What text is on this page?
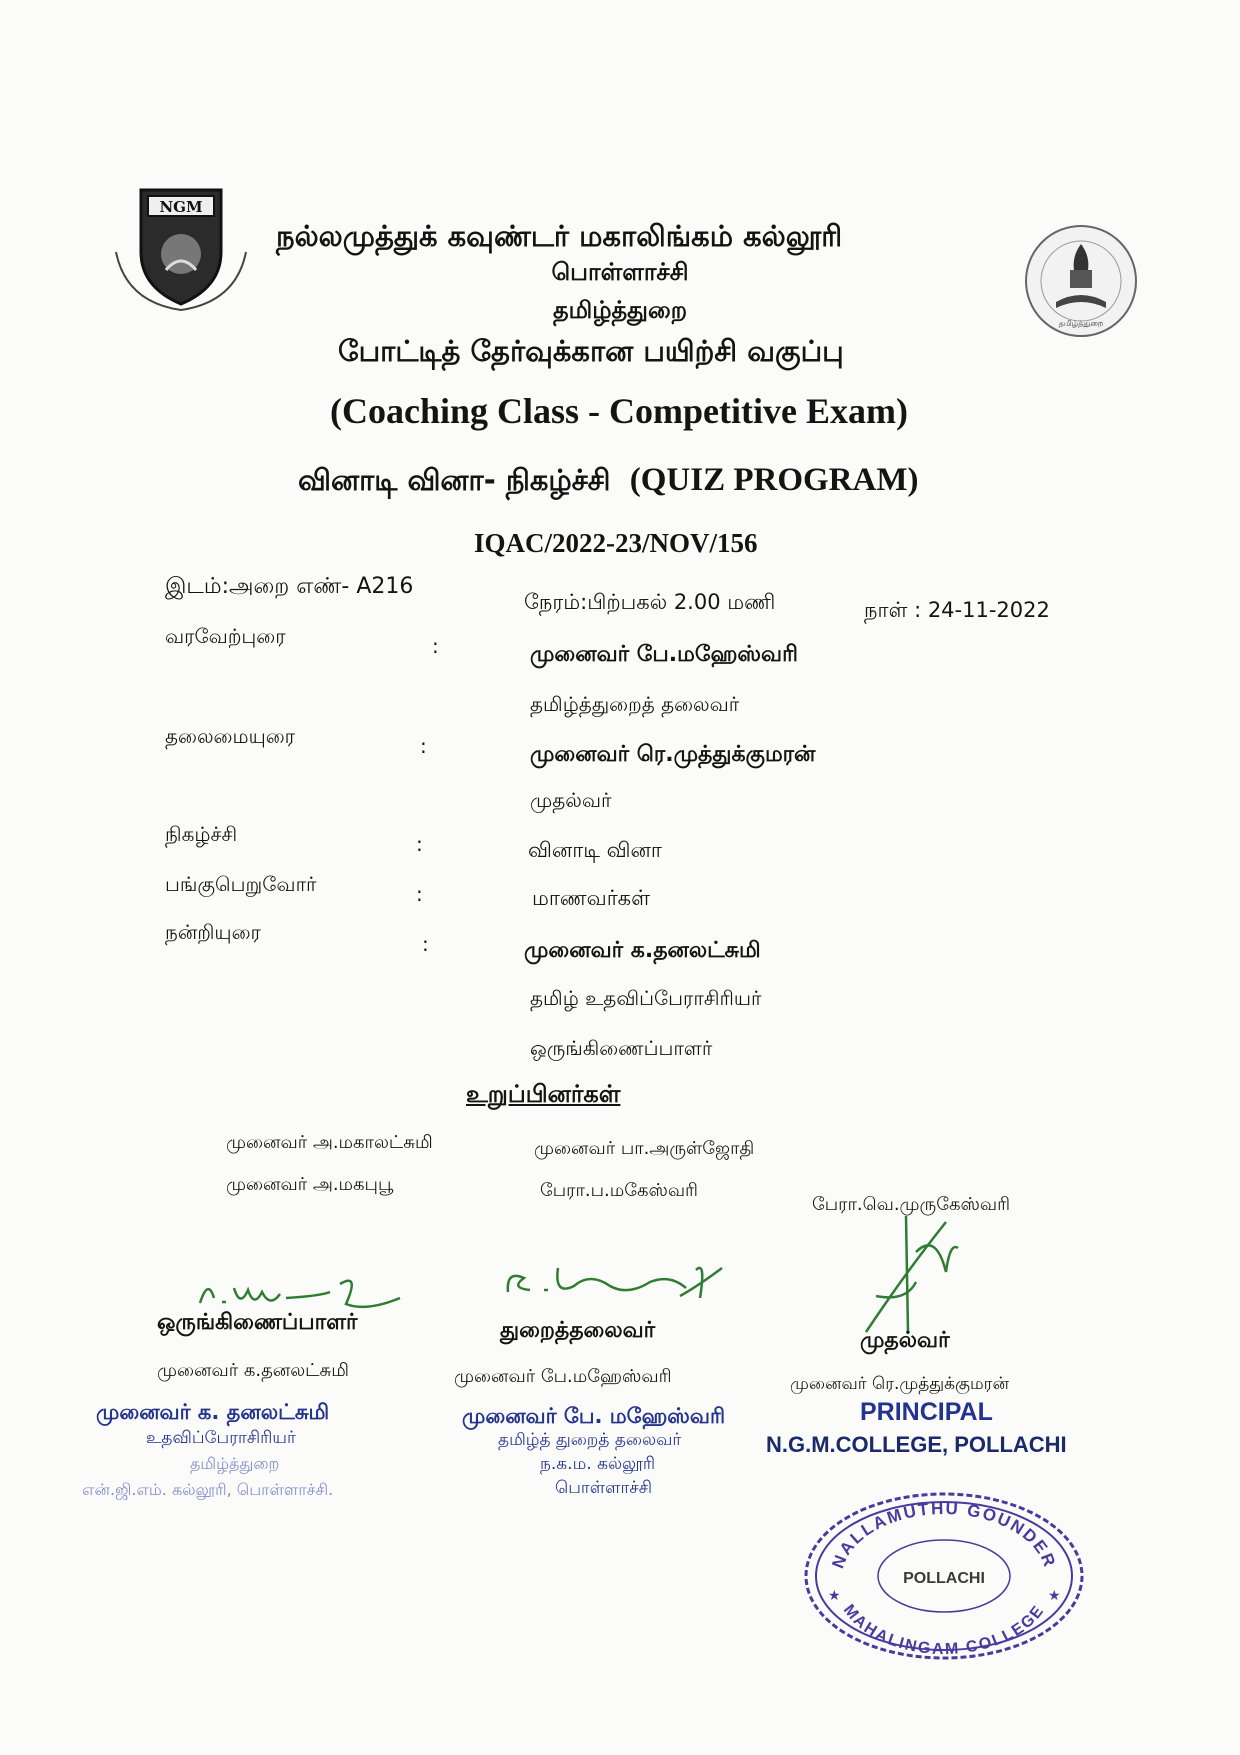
NGM
தமிழ்த்துறை
நல்லமுத்துக் கவுண்டர் மகாலிங்கம் கல்லூரி
பொள்ளாச்சி
தமிழ்த்துறை
போட்டித் தேர்வுக்கான பயிற்சி வகுப்பு
(Coaching Class - Competitive Exam)
வினாடி வினா- நிகழ்ச்சி (QUIZ PROGRAM)
IQAC/2022-23/NOV/156
இடம்:அறை எண்- A216
நேரம்:பிற்பகல் 2.00 மணி	நாள் : 24-11-2022
வரவேற்புரை	:	முனைவர் பே.மஹேஸ்வரி
தமிழ்த்துறைத் தலைவர்
தலைமையுரை	:	முனைவர் ரெ.முத்துக்குமரன்
முதல்வர்
நிகழ்ச்சி	:	வினாடி வினா
பங்குபெறுவோர்	:	மாணவர்கள்
நன்றியுரை	:	முனைவர் க.தனலட்சுமி
தமிழ் உதவிப்பேராசிரியர்
ஒருங்கிணைப்பாளர்
உறுப்பினர்கள்
முனைவர் அ.மகாலட்சுமி	முனைவர் பா.அருள்ஜோதி
முனைவர் அ.மகபுபூ	பேரா.ப.மகேஸ்வரி
பேரா.வெ.முருகேஸ்வரி
ஒருங்கிணைப்பாளர்
முனைவர் க.தனலட்சுமி
முனைவர் க. தனலட்சுமி
உதவிப்பேராசிரியர்
தமிழ்த்துறை
என்.ஜி.எம். கல்லூரி, பொள்ளாச்சி.
துறைத்தலைவர்
முனைவர் பே.மஹேஸ்வரி
முனைவர் பே. மஹேஸ்வரி
தமிழ்த் துறைத் தலைவர்
ந.க.ம. கல்லூரி
பொள்ளாச்சி
முதல்வர்
முனைவர் ரெ.முத்துக்குமரன்
PRINCIPAL
N.G.M.COLLEGE, POLLACHI
NALLAMUTHU GOUNDER
MAHALINGAM COLLEGE
POLLACHI
★	★
